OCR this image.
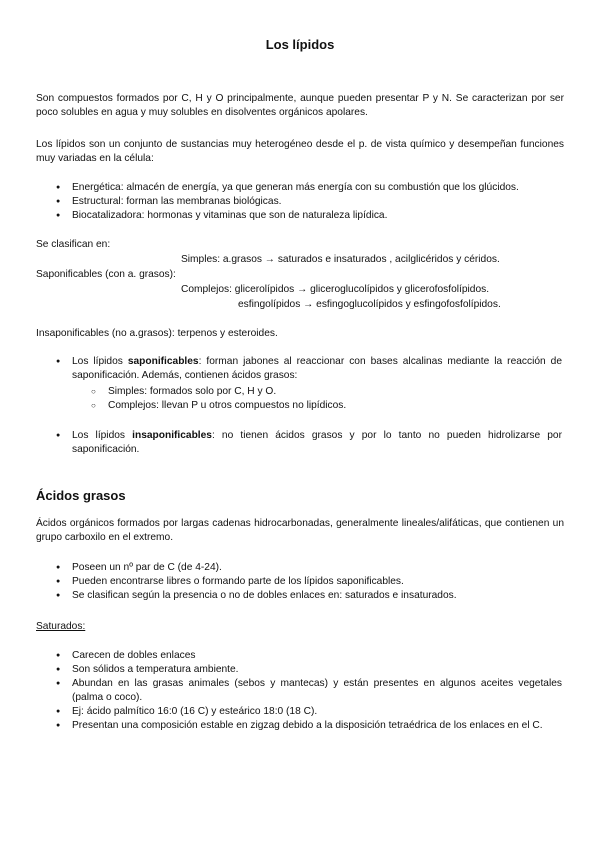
Los lípidos

Son compuestos formados por C, H y O principalmente, aunque pueden presentar P y N. Se caracterizan por ser poco solubles en agua y muy solubles en disolventes orgánicos apolares.

Los lípidos son un conjunto de sustancias muy heterogéneo desde el p. de vista químico y desempeñan funciones muy variadas en la célula:

● Energética: almacén de energía, ya que generan más energía con su combustión que los glúcidos.
● Estructural: forman las membranas biológicas.
● Biocatalizadora: hormonas y vitaminas que son de naturaleza lipídica.
Se clasifican en:
Simples: a.grasos → saturados e insaturados , acilglicéridos y céridos.
Saponificables (con a. grasos):
Complejos: glicerolípidos → glicerogluco​lípidos y glicerofosfolípidos.
esfingolípidos → esfingoglucolípidos y esfingofosfolípidos.
Insaponificables (no a.grasos): terpenos y esteroides.
● Los lípidos saponificables: forman jabones al reaccionar con bases alcalinas mediante la reacción de saponificación. Además, contienen ácidos grasos:
○ Simples: formados solo por C, H y O.
○ Complejos: llevan P u otros compuestos no lipídicos.
● Los lípidos insaponificables: no tienen ácidos grasos y por lo tanto no pueden hidrolizarse por saponificación.
Ácidos grasos

Ácidos orgánicos formados por largas cadenas hidrocarbonadas, generalmente lineales/alifáticas, que contienen un grupo carboxilo en el extremo.

● Poseen un nº par de C (de 4-24).
● Pueden encontrarse libres o formando parte de los lípidos saponificables.
● Se clasifican según la presencia o no de dobles enlaces en: saturados e insaturados.
Saturados:
● Carecen de dobles enlaces
● Son sólidos a temperatura ambiente.
● Abundan en las grasas animales (sebos y mantecas) y están presentes en algunos aceites vegetales (palma o coco).
● Ej: ácido palmítico 16:0 (16 C) y esteárico 18:0 (18 C).
● Presentan una composición estable en zigzag debido a la disposición tetraédrica de los enlaces en el C.
